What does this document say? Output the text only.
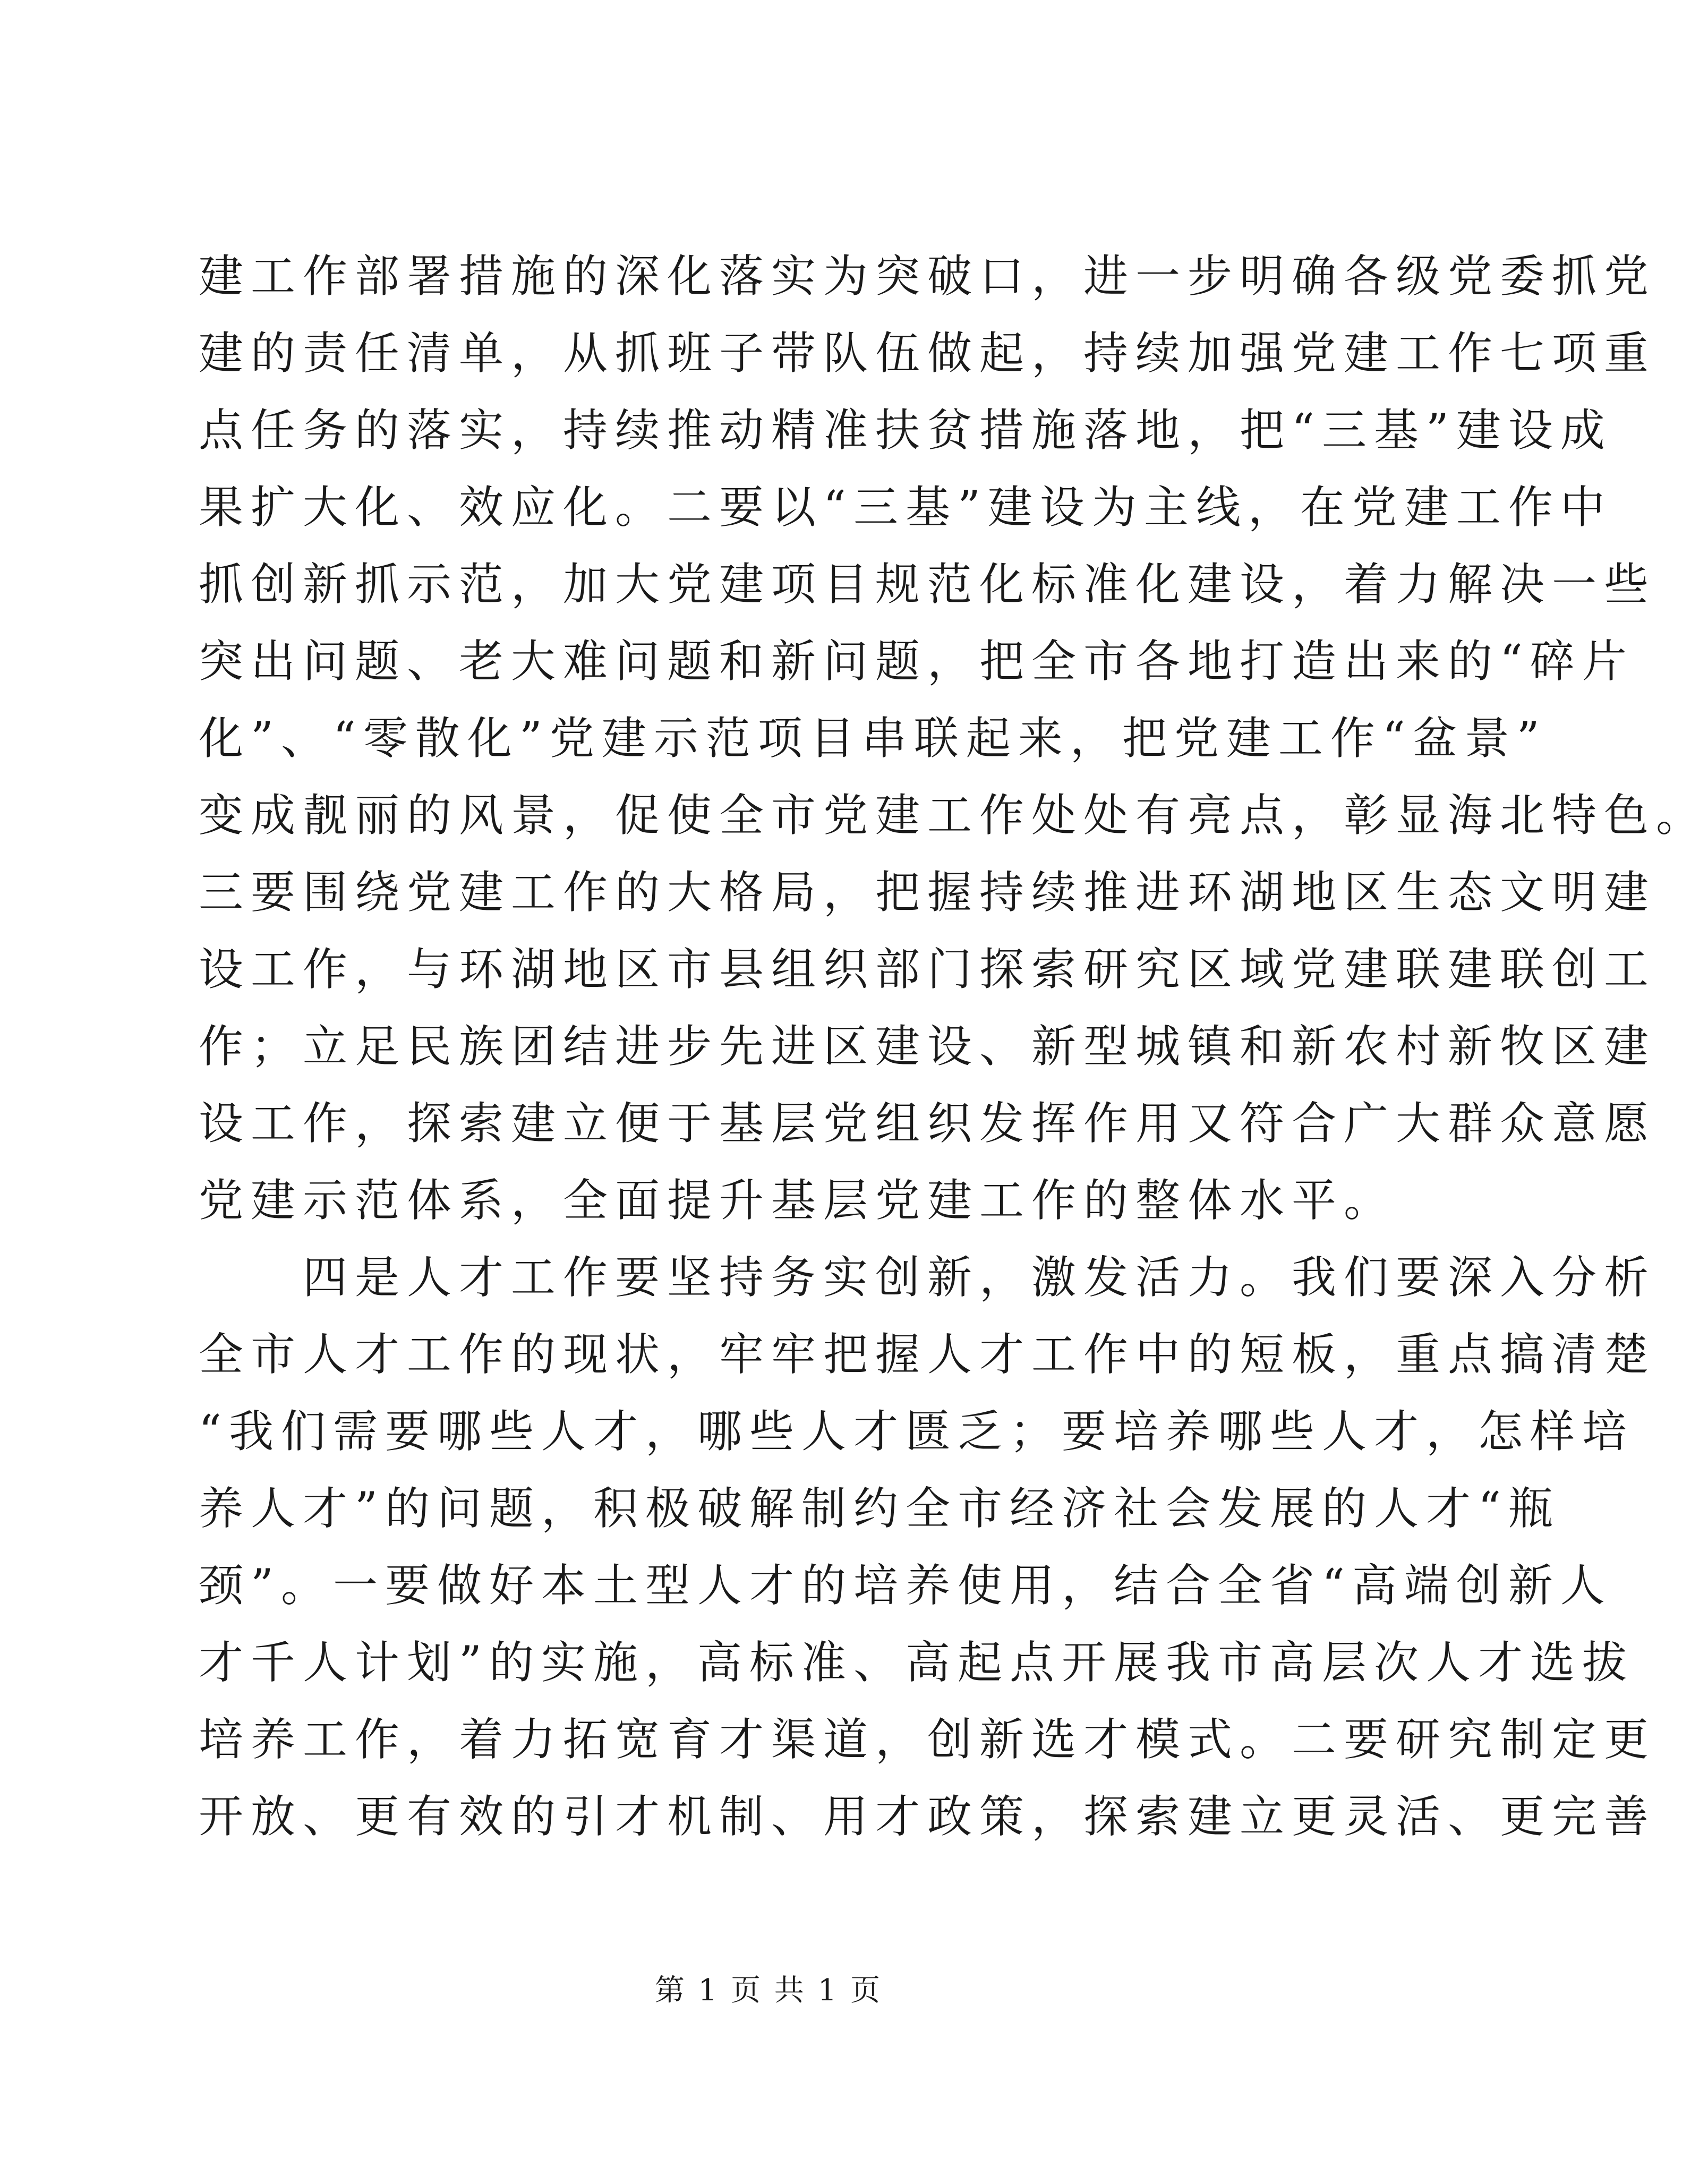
建工作部署措施的深化落实为突破口，进一步明确各级党委抓党
建的责任清单，从抓班子带队伍做起，持续加强党建工作七项重
点任务的落实，持续推动精准扶贫措施落地，把“三基”建设成
果扩大化、效应化。二要以“三基”建设为主线，在党建工作中
抓创新抓示范，加大党建项目规范化标准化建设，着力解决一些
突出问题、老大难问题和新问题，把全市各地打造出来的“碎片
化”、“零散化”党建示范项目串联起来，把党建工作“盆景”
变成靓丽的风景，促使全市党建工作处处有亮点，彰显海北特色。
三要围绕党建工作的大格局，把握持续推进环湖地区生态文明建
设工作，与环湖地区市县组织部门探索研究区域党建联建联创工
作；立足民族团结进步先进区建设、新型城镇和新农村新牧区建
设工作，探索建立便于基层党组织发挥作用又符合广大群众意愿
党建示范体系，全面提升基层党建工作的整体水平。
四是人才工作要坚持务实创新，激发活力。我们要深入分析
全市人才工作的现状，牢牢把握人才工作中的短板，重点搞清楚
“我们需要哪些人才，哪些人才匮乏；要培养哪些人才，怎样培
养人才”的问题，积极破解制约全市经济社会发展的人才“瓶
颈”。一要做好本土型人才的培养使用，结合全省“高端创新人
才千人计划”的实施，高标准、高起点开展我市高层次人才选拔
培养工作，着力拓宽育才渠道，创新选才模式。二要研究制定更
开放、更有效的引才机制、用才政策，探索建立更灵活、更完善
第 1 页 共 1 页
